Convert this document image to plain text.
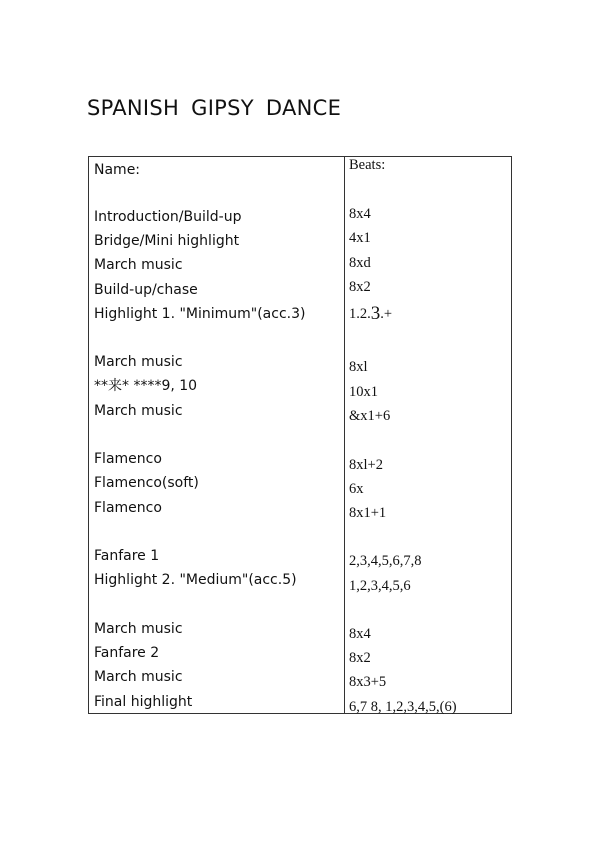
SPANISH GIPSY DANCE
Name:	Beats:
Introduction/Build-up	8x4
Bridge/Mini highlight	4x1
March music	8xd
Build-up/chase	8x2
Highlight 1. "Minimum"(acc.3)	1.2.3.+
March music	8xl
**来* ****9, 10	10x1
March music	&x1+6
Flamenco	8xl+2
Flamenco(soft)	6x
Flamenco	8x1+1
Fanfare 1	2,3,4,5,6,7,8
Highlight 2. "Medium"(acc.5)	1,2,3,4,5,6
March music	8x4
Fanfare 2	8x2
March music	8x3+5
Final highlight	6,7 8, 1,2,3,4,5,(6)
